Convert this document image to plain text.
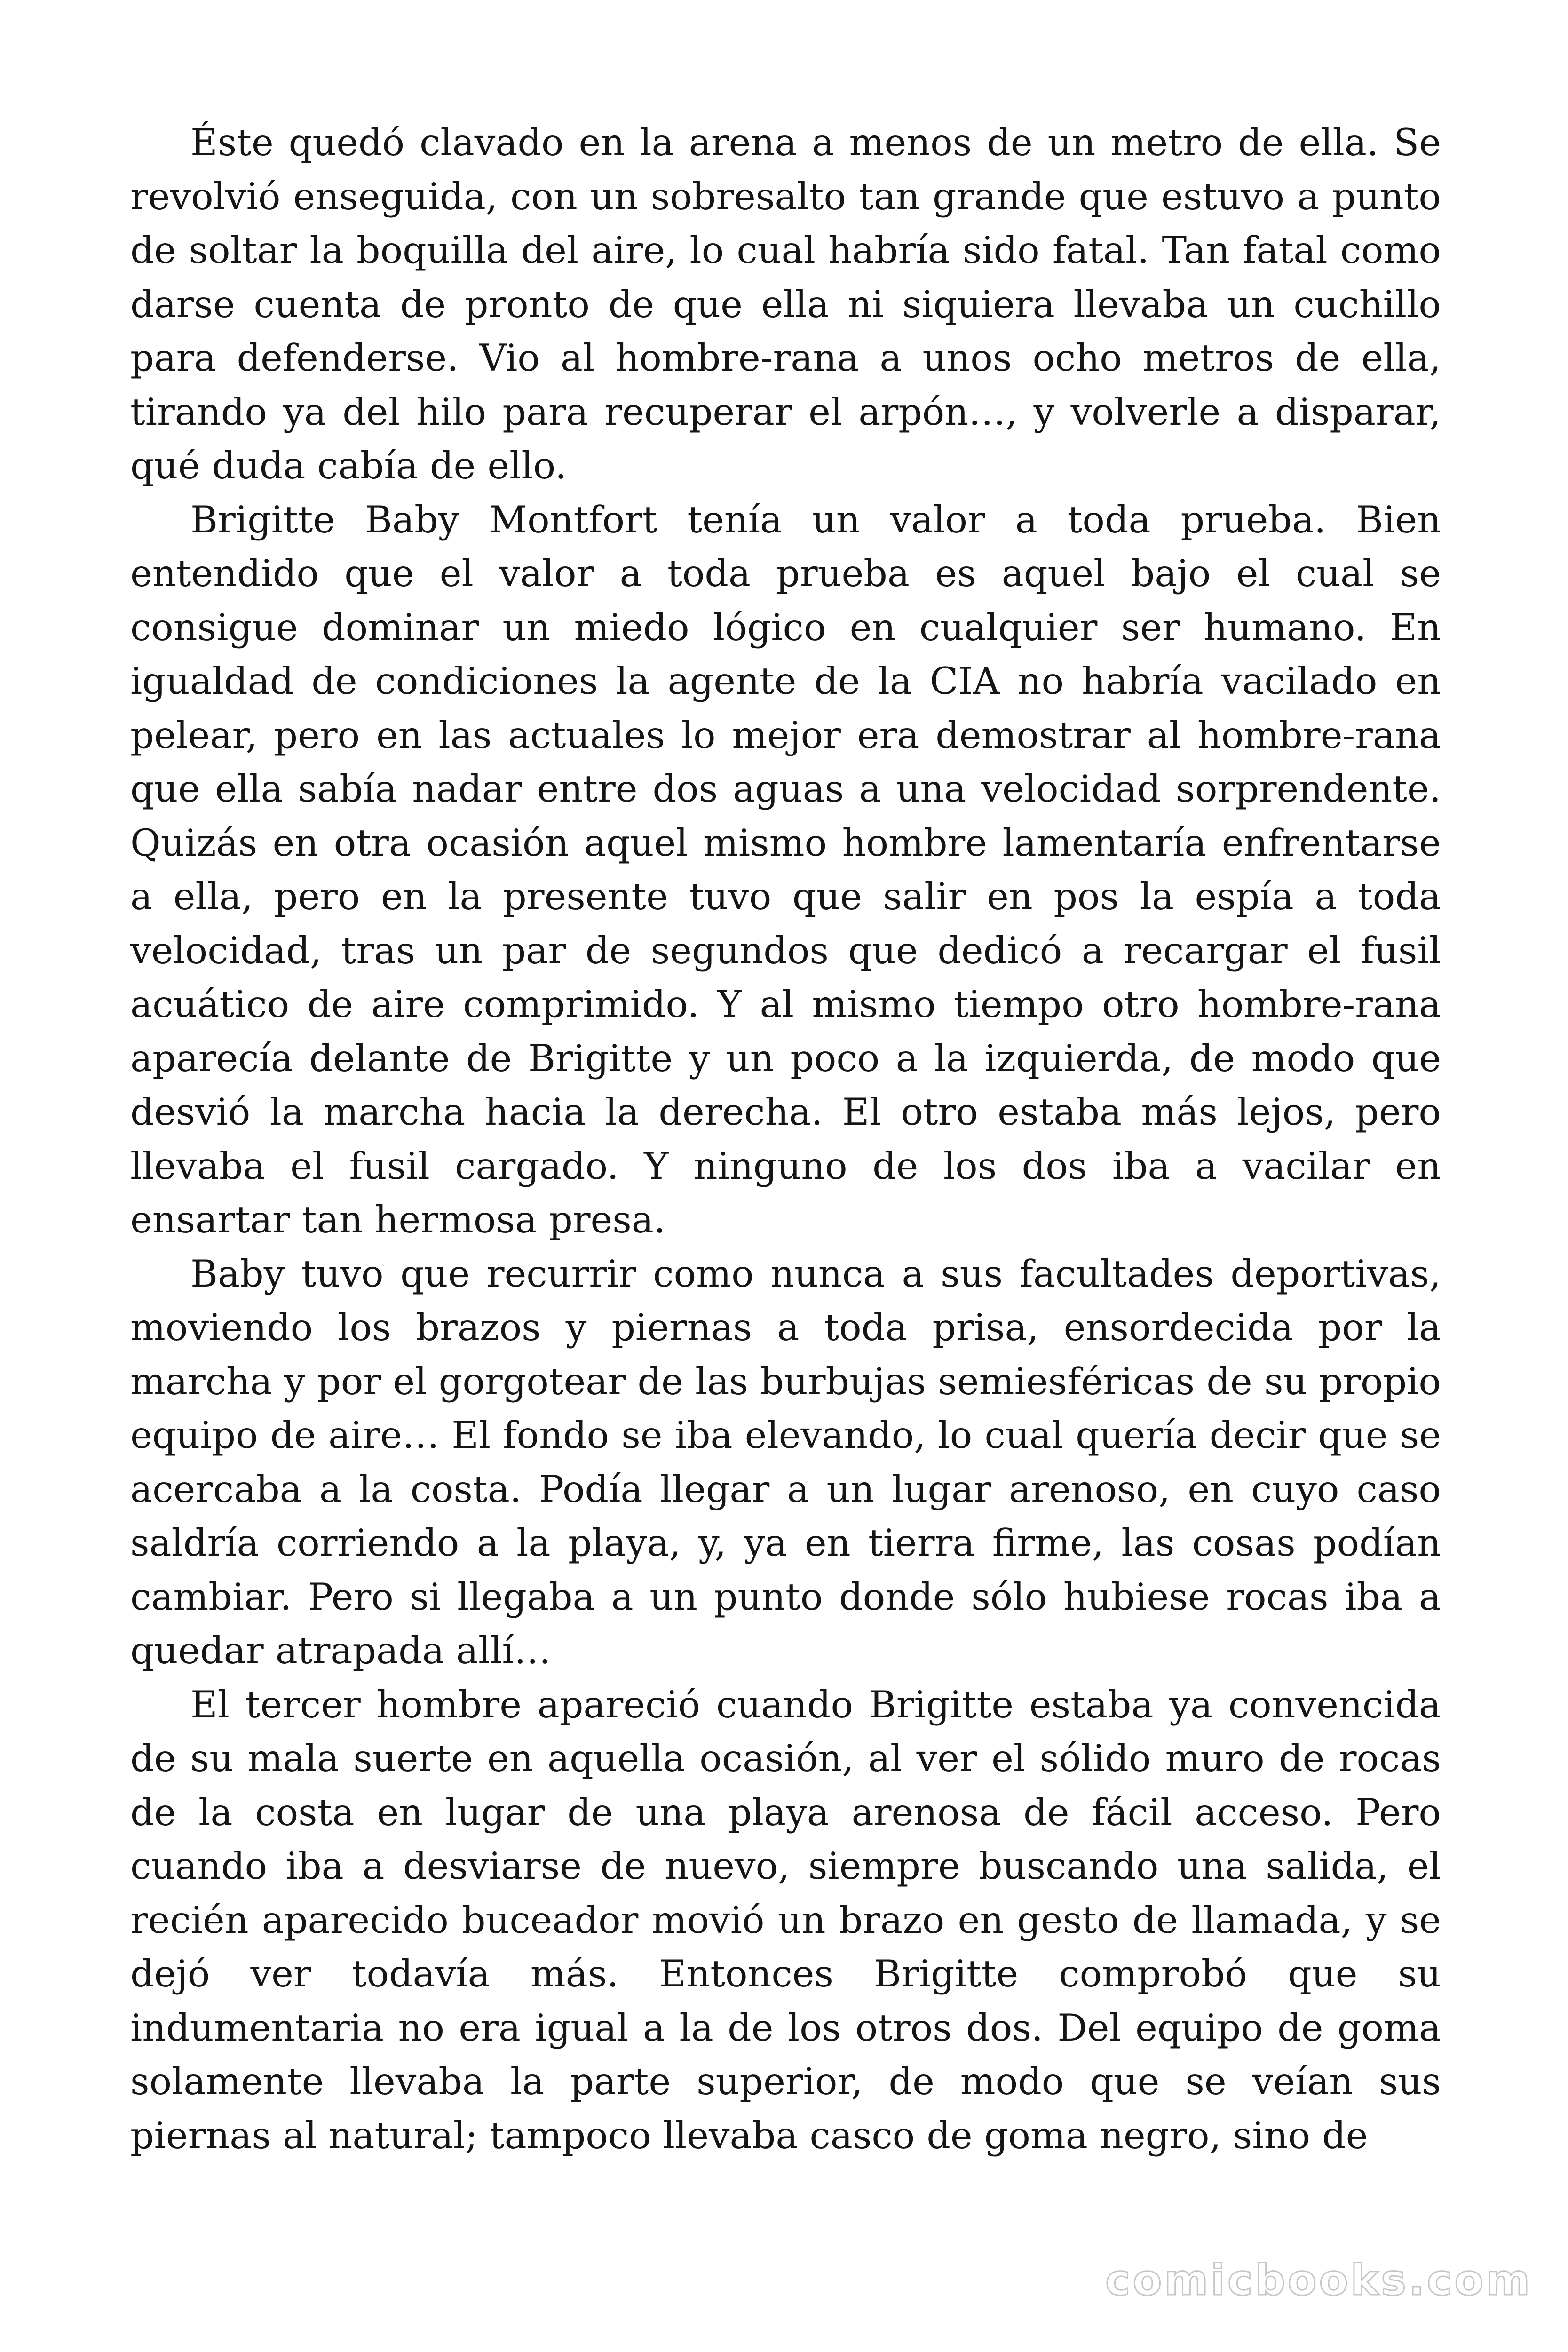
Éste quedó clavado en la arena a menos de un metro de ella. Se revolvió enseguida, con un sobresalto tan grande que estuvo a punto de soltar la boquilla del aire, lo cual habría sido fatal. Tan fatal como darse cuenta de pronto de que ella ni siquiera llevaba un cuchillo para defenderse. Vio al hombre-rana a unos ocho metros de ella, tirando ya del hilo para recuperar el arpón…, y volverle a disparar, qué duda cabía de ello.

Brigitte Baby Montfort tenía un valor a toda prueba. Bien entendido que el valor a toda prueba es aquel bajo el cual se consigue dominar un miedo lógico en cualquier ser humano. En igualdad de condiciones la agente de la CIA no habría vacilado en pelear, pero en las actuales lo mejor era demostrar al hombre-rana que ella sabía nadar entre dos aguas a una velocidad sorprendente. Quizás en otra ocasión aquel mismo hombre lamentaría enfrentarse a ella, pero en la presente tuvo que salir en pos la espía a toda velocidad, tras un par de segundos que dedicó a recargar el fusil acuático de aire comprimido. Y al mismo tiempo otro hombre-rana aparecía delante de Brigitte y un poco a la izquierda, de modo que desvió la marcha hacia la derecha. El otro estaba más lejos, pero llevaba el fusil cargado. Y ninguno de los dos iba a vacilar en ensartar tan hermosa presa.

Baby tuvo que recurrir como nunca a sus facultades deportivas, moviendo los brazos y piernas a toda prisa, ensordecida por la marcha y por el gorgotear de las burbujas semiesféricas de su propio equipo de aire… El fondo se iba elevando, lo cual quería decir que se acercaba a la costa. Podía llegar a un lugar arenoso, en cuyo caso saldría corriendo a la playa, y, ya en tierra firme, las cosas podían cambiar. Pero si llegaba a un punto donde sólo hubiese rocas iba a quedar atrapada allí…

El tercer hombre apareció cuando Brigitte estaba ya convencida de su mala suerte en aquella ocasión, al ver el sólido muro de rocas de la costa en lugar de una playa arenosa de fácil acceso. Pero cuando iba a desviarse de nuevo, siempre buscando una salida, el recién aparecido buceador movió un brazo en gesto de llamada, y se dejó ver todavía más. Entonces Brigitte comprobó que su indumentaria no era igual a la de los otros dos. Del equipo de goma solamente llevaba la parte superior, de modo que se veían sus piernas al natural; tampoco llevaba casco de goma negro, sino de

comicbooks.com
